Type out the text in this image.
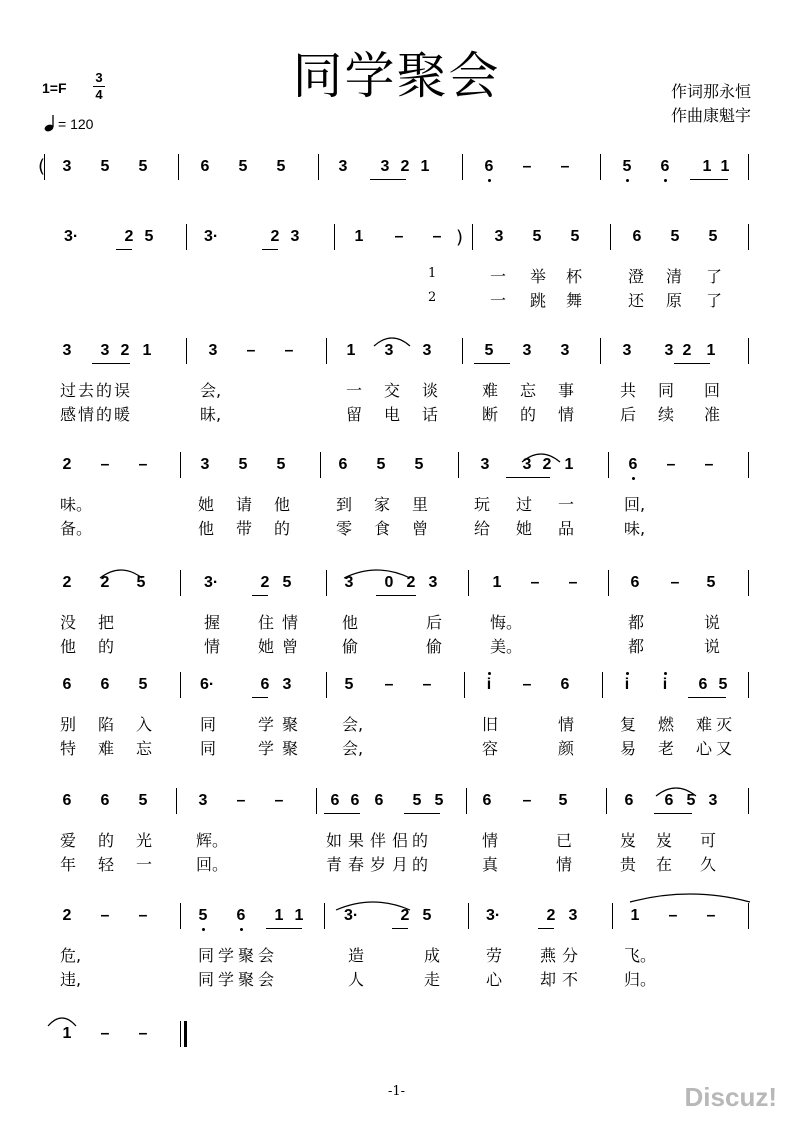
同学聚会
1=F
3
4
= 120
作词那永恒
作曲康魁宇
3 5 5	6 5 5	3 3 2 1	6 – –	5 6 1 1
3·	2 5	3·	2 3	1 – –	3 5 5	6 5 5
一 举 杯	澄 清 了
一 跳 舞	还 原 了
1
2
3 3 2 1	3 – –	1 3 3	5 3 3	3 3 2 1
过 去 的 误	会,	一 交 谈	难 忘 事	共 同 回
感 情 的 暖	昧,	留 电 话	断 的 情	后 续 准
2 – –	3 5 5	6 5 5	3 3 2 1	6 – –
味。	她 请 他	到 家 里	玩 过 一	回,
备。	他 带 的	零 食 曾	给 她 品	味,
2 2 5	3·	2 5	3 0 2 3	1 – –	6 – 5
没 把	握 住 情	他	后	悔。	都	说
他 的	情 她 曾	偷	偷	美。	都	说
6 6 5	6·	6 3	5 – –	i – 6	i i 6 5
别 陷 入	同	学 聚	会,	旧	情	复 燃 难 灭
特 难 忘	同	学 聚	会,	容	颜	易 老 心 又
6 6 5	3 – –	6 6 6 5 5 6 – 5	6 6 5 3
爱 的 光	辉。	如 果 伴 侣 的	情	已	岌 岌 可
年 轻 一	回。	青 春 岁 月 的	真	情	贵 在 久
2 – –	5 6 1 1	3·	2 5	3·	2 3	1 – –
危,	同 学 聚 会	造	成	劳 燕 分	飞。
违,	同 学 聚 会	人	走	心 却 不	归。
1 – –
-1-	Discuz!
(
)
